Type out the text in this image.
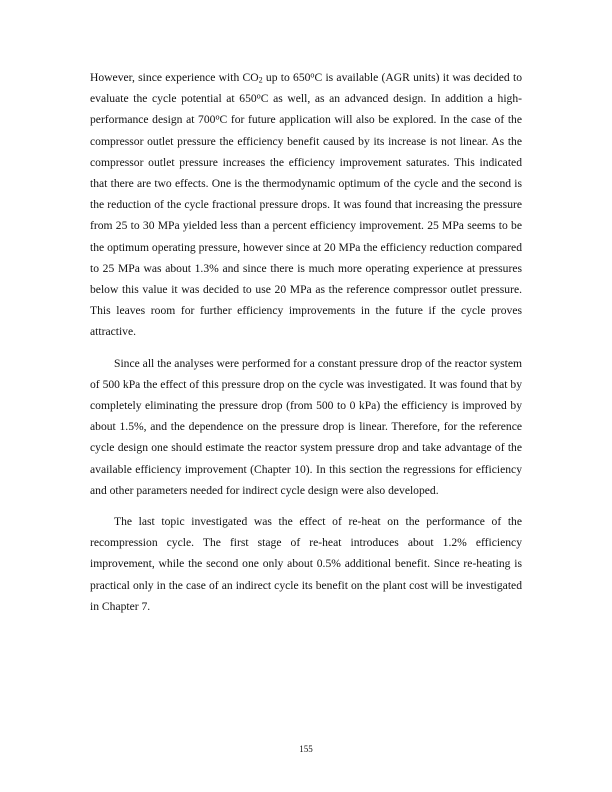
However, since experience with $CO_2$ up to 650$^o$C is available (AGR units) it was decided to evaluate the cycle potential at 650$^o$C as well, as an advanced design. In addition a high-performance design at 700$^o$C for future application will also be explored. In the case of the compressor outlet pressure the efficiency benefit caused by its increase is not linear. As the compressor outlet pressure increases the efficiency improvement saturates. This indicated that there are two effects. One is the thermodynamic optimum of the cycle and the second is the reduction of the cycle fractional pressure drops. It was found that increasing the pressure from 25 to 30 MPa yielded less than a percent efficiency improvement. 25 MPa seems to be the optimum operating pressure, however since at 20 MPa the efficiency reduction compared to 25 MPa was about 1.3% and since there is much more operating experience at pressures below this value it was decided to use 20 MPa as the reference compressor outlet pressure. This leaves room for further efficiency improvements in the future if the cycle proves attractive.

Since all the analyses were performed for a constant pressure drop of the reactor system of 500 kPa the effect of this pressure drop on the cycle was investigated. It was found that by completely eliminating the pressure drop (from 500 to 0 kPa) the efficiency is improved by about 1.5%, and the dependence on the pressure drop is linear. Therefore, for the reference cycle design one should estimate the reactor system pressure drop and take advantage of the available efficiency improvement (Chapter 10). In this section the regressions for efficiency and other parameters needed for indirect cycle design were also developed.

The last topic investigated was the effect of re-heat on the performance of the recompression cycle. The first stage of re-heat introduces about 1.2% efficiency improvement, while the second one only about 0.5% additional benefit. Since re-heating is practical only in the case of an indirect cycle its benefit on the plant cost will be investigated in Chapter 7.

155
